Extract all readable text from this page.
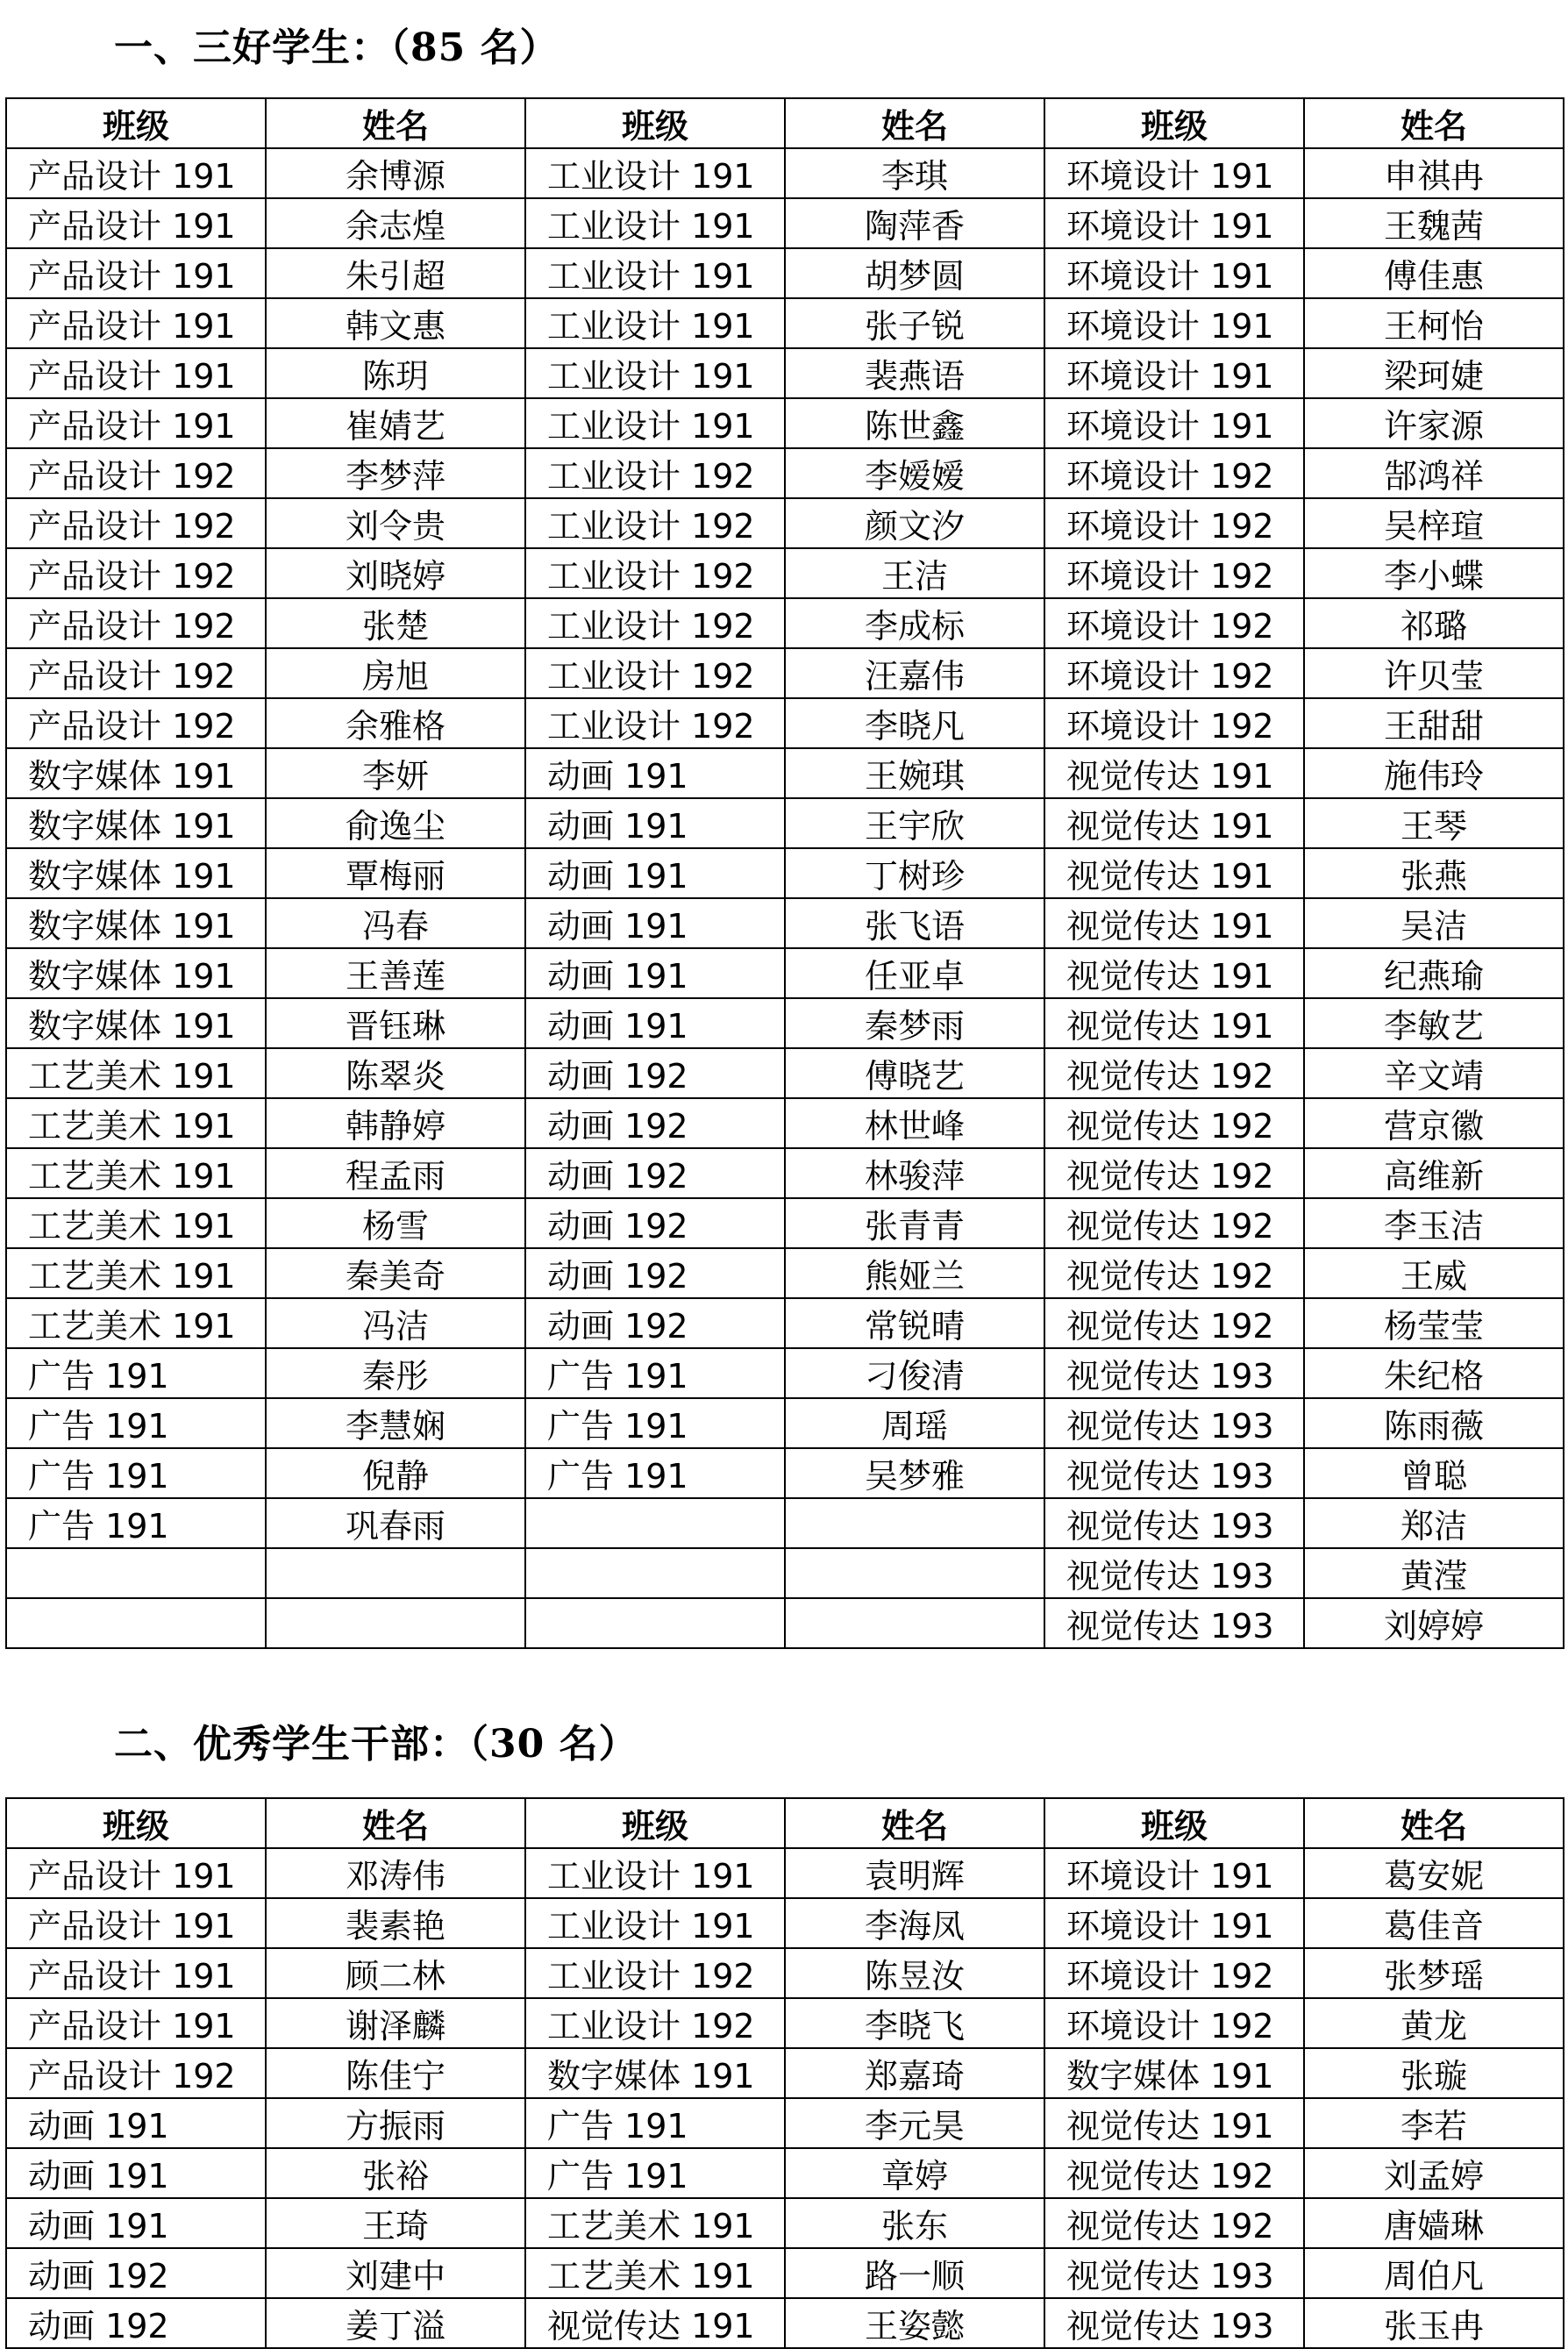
一、三好学生：（85 名）
班级	姓名	班级	姓名	班级	姓名
产品设计 191	余博源	工业设计 191	李琪	环境设计 191	申祺冉
产品设计 191	余志煌	工业设计 191	陶萍香	环境设计 191	王魏茜
产品设计 191	朱引超	工业设计 191	胡梦圆	环境设计 191	傅佳惠
产品设计 191	韩文惠	工业设计 191	张子锐	环境设计 191	王柯怡
产品设计 191	陈玥	工业设计 191	裴燕语	环境设计 191	梁珂婕
产品设计 191	崔婧艺	工业设计 191	陈世鑫	环境设计 191	许家源
产品设计 192	李梦萍	工业设计 192	李嫒嫒	环境设计 192	郜鸿祥
产品设计 192	刘令贵	工业设计 192	颜文汐	环境设计 192	吴梓瑄
产品设计 192	刘晓婷	工业设计 192	王洁	环境设计 192	李小蝶
产品设计 192	张楚	工业设计 192	李成标	环境设计 192	祁璐
产品设计 192	房旭	工业设计 192	汪嘉伟	环境设计 192	许贝莹
产品设计 192	余雅格	工业设计 192	李晓凡	环境设计 192	王甜甜
数字媒体 191	李妍	动画 191	王婉琪	视觉传达 191	施伟玲
数字媒体 191	俞逸尘	动画 191	王宇欣	视觉传达 191	王琴
数字媒体 191	覃梅丽	动画 191	丁树珍	视觉传达 191	张燕
数字媒体 191	冯春	动画 191	张飞语	视觉传达 191	吴洁
数字媒体 191	王善莲	动画 191	任亚卓	视觉传达 191	纪燕瑜
数字媒体 191	晋钰琳	动画 191	秦梦雨	视觉传达 191	李敏艺
工艺美术 191	陈翠炎	动画 192	傅晓艺	视觉传达 192	辛文靖
工艺美术 191	韩静婷	动画 192	林世峰	视觉传达 192	营京徽
工艺美术 191	程孟雨	动画 192	林骏萍	视觉传达 192	高维新
工艺美术 191	杨雪	动画 192	张青青	视觉传达 192	李玉洁
工艺美术 191	秦美奇	动画 192	熊娅兰	视觉传达 192	王威
工艺美术 191	冯洁	动画 192	常锐晴	视觉传达 192	杨莹莹
广告 191	秦彤	广告 191	刁俊清	视觉传达 193	朱纪格
广告 191	李慧娴	广告 191	周瑶	视觉传达 193	陈雨薇
广告 191	倪静	广告 191	吴梦雅	视觉传达 193	曾聪
广告 191	巩春雨			视觉传达 193	郑洁
				视觉传达 193	黄滢
				视觉传达 193	刘婷婷
二、优秀学生干部：（30 名）
班级	姓名	班级	姓名	班级	姓名
产品设计 191	邓涛伟	工业设计 191	袁明辉	环境设计 191	葛安妮
产品设计 191	裴素艳	工业设计 191	李海凤	环境设计 191	葛佳音
产品设计 191	顾二林	工业设计 192	陈昱汝	环境设计 192	张梦瑶
产品设计 191	谢泽麟	工业设计 192	李晓飞	环境设计 192	黄龙
产品设计 192	陈佳宁	数字媒体 191	郑嘉琦	数字媒体 191	张璇
动画 191	方振雨	广告 191	李元昊	视觉传达 191	李若
动画 191	张裕	广告 191	章婷	视觉传达 192	刘孟婷
动画 191	王琦	工艺美术 191	张东	视觉传达 192	唐嫱琳
动画 192	刘建中	工艺美术 191	路一顺	视觉传达 193	周伯凡
动画 192	姜丁溢	视觉传达 191	王姿懿	视觉传达 193	张玉冉
